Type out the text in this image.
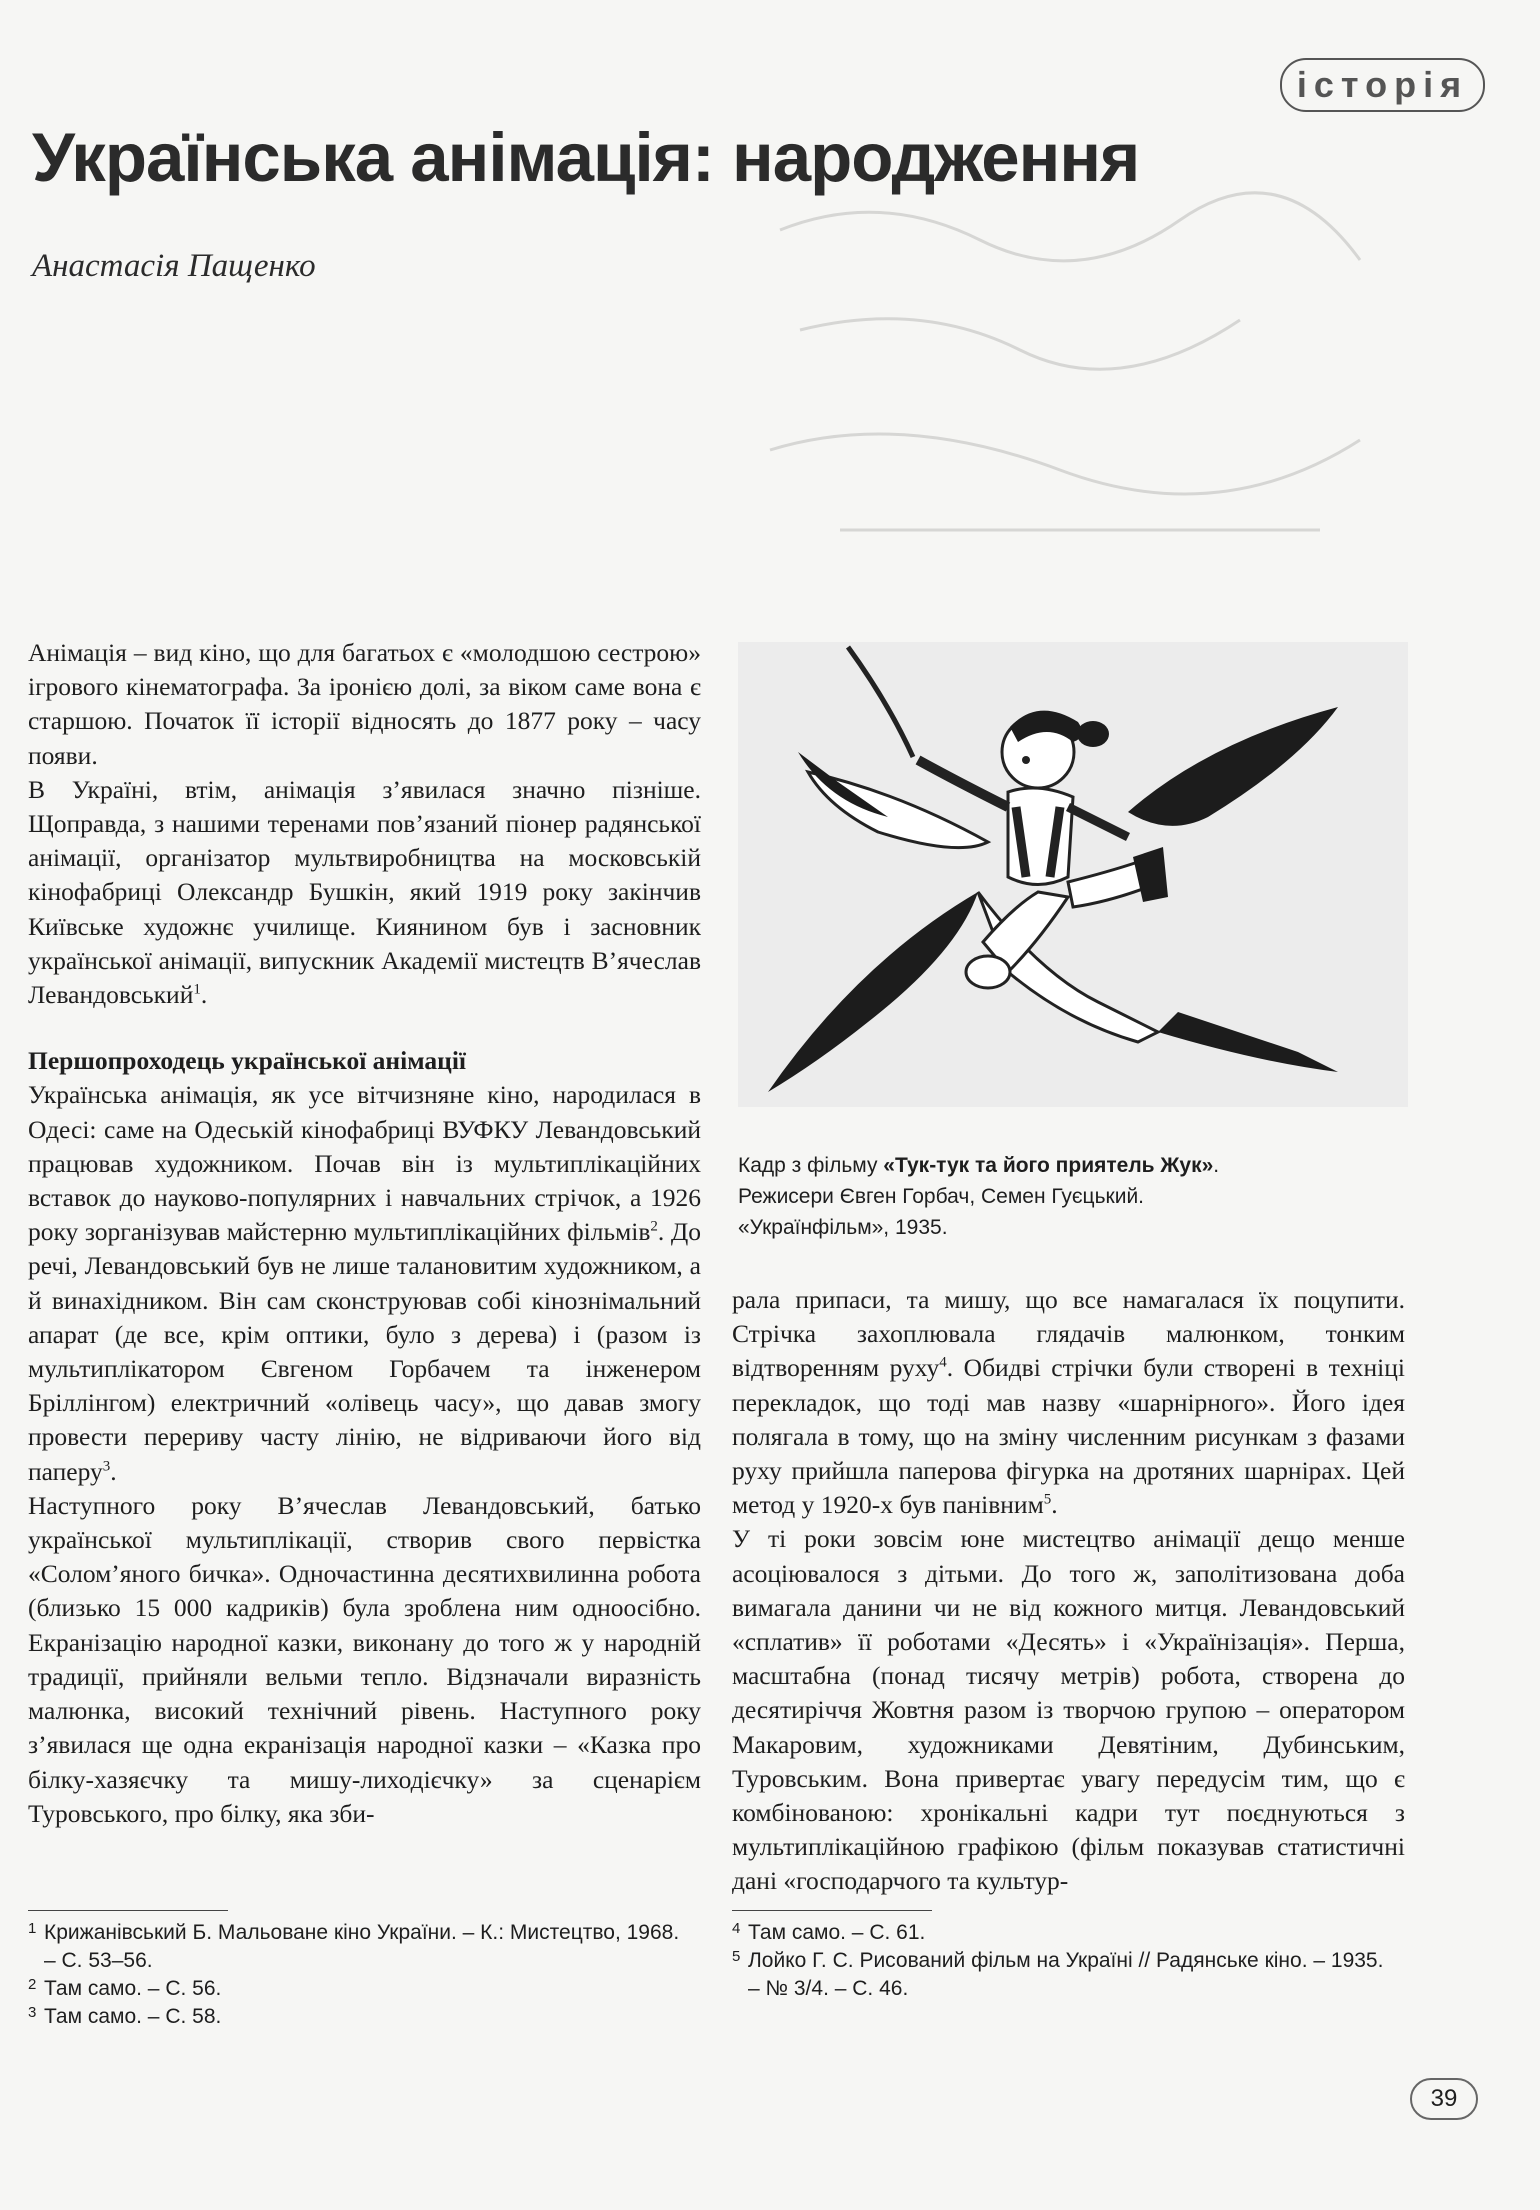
історія
Українська анімація: народження

Анастасія Пащенко

Анімація – вид кіно, що для багатьох є «молодшою сестрою» ігрового кінематографа. За іронією долі, за віком саме вона є старшою. Початок її історії відносять до 1877 року – часу появи.

В Україні, втім, анімація з’явилася значно пізніше. Щоправда, з нашими теренами пов’язаний піонер радянської анімації, організатор мультвиробництва на московській кінофабриці Олександр Бушкін, який 1919 року закінчив Київське художнє училище. Киянином був і засновник української анімації, випускник Академії мистецтв В’ячеслав Левандовський$^1$.

Першопроходець української анімації

Українська анімація, як усе вітчизняне кіно, народилася в Одесі: саме на Одеській кінофабриці ВУФКУ Левандовський працював художником. Почав він із мультиплікаційних вставок до науково-популярних і навчальних стрічок, а 1926 року зорганізував майстерню мультиплікаційних фільмів$^2$. До речі, Левандовський був не лише талановитим художником, а й винахідником. Він сам сконструював собі кінознімальний апарат (де все, крім оптики, було з дерева) і (разом із мультиплікатором Євгеном Горбачем та інженером Бріллінгом) електричний «олівець часу», що давав змогу провести перериву часту лінію, не відриваючи його від паперу$^3$.

Наступного року В’ячеслав Левандовський, батько української мультиплікації, створив свого первістка «Солом’яного бичка». Одночастинна десятихвилинна робота (близько 15 000 кадриків) була зроблена ним одноосібно. Екранізацію народної казки, виконану до того ж у народній традиції, прийняли вельми тепло. Відзначали виразність малюнка, високий технічний рівень. Наступного року з’явилася ще одна екранізація народної казки – «Казка про білку-хазяєчку та мишу-лиходієчку» за сценарієм Туровського, про білку, яка зби-

Кадр з фільму «Тук-тук та його приятель Жук».
Режисери Євген Горбач, Семен Гуєцький.
«Українфільм», 1935.

рала припаси, та мишу, що все намагалася їх поцупити. Стрічка захоплювала глядачів малюнком, тонким відтворенням руху$^4$. Обидві стрічки були створені в техніці перекладок, що тоді мав назву «шарнірного». Його ідея полягала в тому, що на зміну численним рисункам з фазами руху прийшла паперова фігурка на дротяних шарнірах. Цей метод у 1920-х був панівним$^5$.

У ті роки зовсім юне мистецтво анімації дещо менше асоціювалося з дітьми. До того ж, заполітизована доба вимагала данини чи не від кожного митця. Левандовський «сплатив» її роботами «Десять» і «Українізація». Перша, масштабна (понад тисячу метрів) робота, створена до десятиріччя Жовтня разом із творчою групою – оператором Макаровим, художниками Девятіним, Дубинським, Туровським. Вона привертає увагу передусім тим, що є комбінованою: хронікальні кадри тут поєднуються з мультиплікаційною графікою (фільм показував статистичні дані «господарчого та культур-

1 Крижанівський Б. Мальоване кіно України. – К.: Мистецтво, 1968. – С. 53–56.
2 Там само. – С. 56.
3 Там само. – С. 58.
4 Там само. – С. 61.
5 Лойко Г. С. Рисований фільм на Україні // Радянське кіно. – 1935. – № 3/4. – С. 46.
39
